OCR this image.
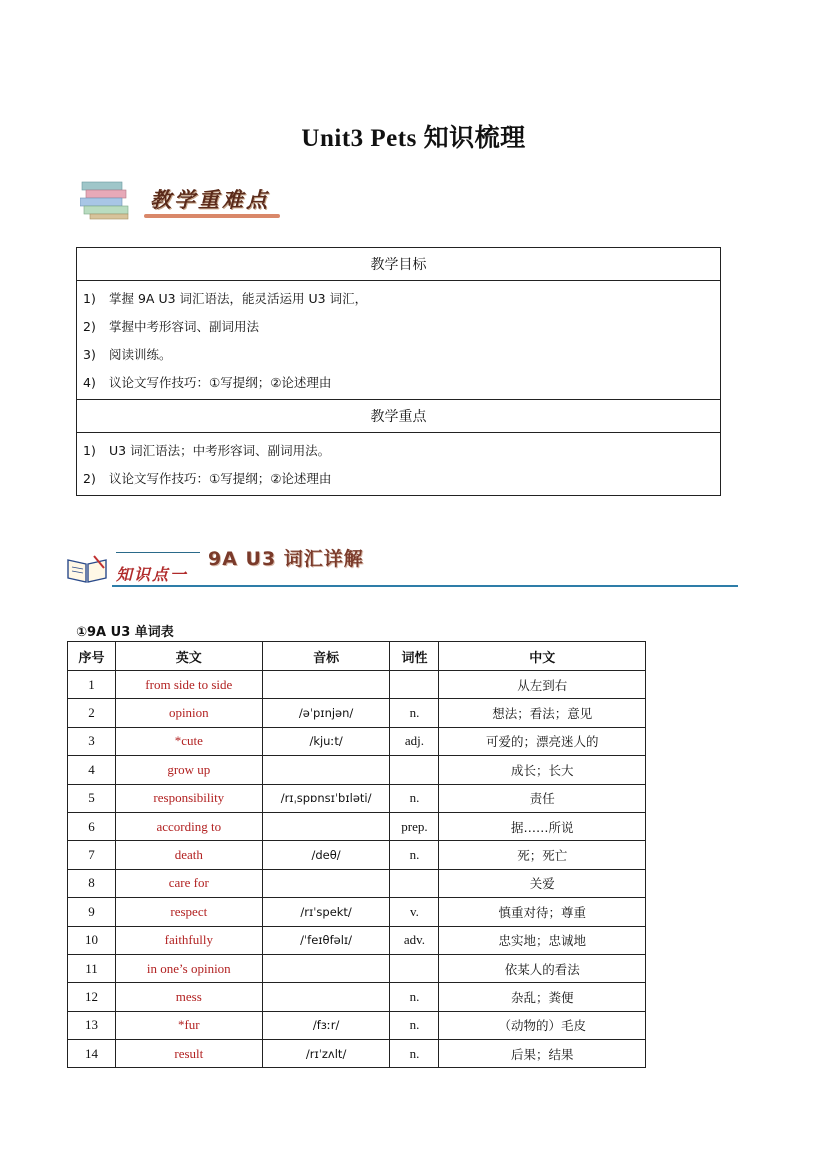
Unit3 Pets 知识梳理
教学重难点
教学目标

1) 掌握 9A U3 词汇语法，能灵活运用 U3 词汇，
2) 掌握中考形容词、副词用法
3) 阅读训练。
4) 议论文写作技巧：①写提纲；②论述理由

教学重点

1) U3 词汇语法；中考形容词、副词用法。
2) 议论文写作技巧：①写提纲；②论述理由
知识点一
9A U3 词汇详解
①9A U3 单词表
序号	英文	音标	词性	中文
1	from side to side			从左到右
2	opinion	/əˈpɪnjən/	n.	想法；看法；意见
3	*cute	/kjuːt/	adj.	可爱的；漂亮迷人的
4	grow up			成长；长大
5	responsibility	/rɪˌspɒnsɪˈbɪləti/	n.	责任
6	according to		prep.	据……所说
7	death	/deθ/	n.	死；死亡
8	care for			关爱
9	respect	/rɪˈspekt/	v.	慎重对待；尊重
10	faithfully	/ˈfeɪθfəlɪ/	adv.	忠实地；忠诚地
11	in one’s opinion			依某人的看法
12	mess		n.	杂乱；粪便
13	*fur	/fɜːr/	n.	（动物的）毛皮
14	result	/rɪˈzʌlt/	n.	后果；结果
